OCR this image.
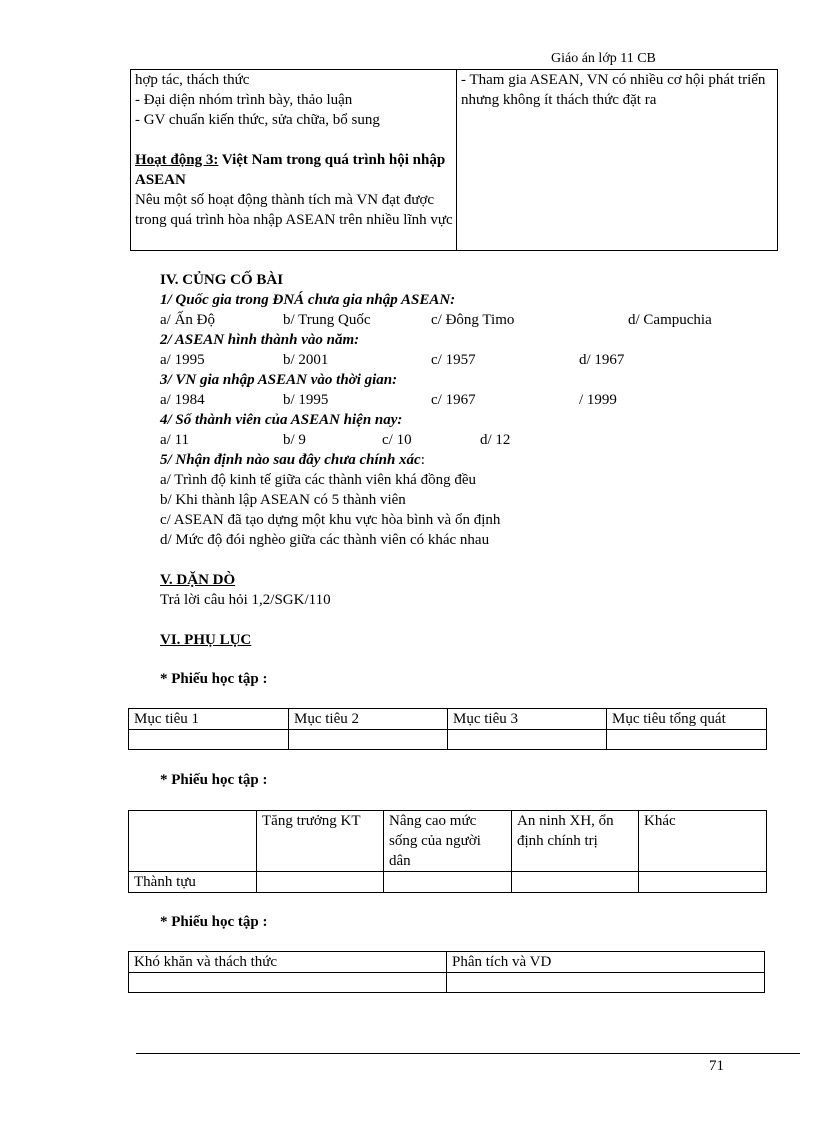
Giáo án lớp 11 CB
hợp tác, thách thức
- Đại diện nhóm trình bày, thảo luận
- GV chuẩn kiến thức, sửa chữa, bổ sung
Hoạt động 3: Việt Nam trong quá trình hội nhập ASEAN
Nêu một số hoạt động thành tích mà VN đạt được trong quá trình hòa nhập ASEAN trên nhiều lĩnh vực

- Tham gia ASEAN, VN có nhiều cơ hội phát triển nhưng không ít thách thức đặt ra
IV. CỦNG CỐ BÀI
1/ Quốc gia trong ĐNÁ chưa gia nhập ASEAN:
a/ Ấn Độ	b/ Trung Quốc	c/ Đông Timo	d/ Campuchia
2/ ASEAN hình thành vào năm:
a/ 1995	b/ 2001	c/ 1957	d/ 1967
3/ VN gia nhập ASEAN vào thời gian:
a/ 1984	b/ 1995	c/ 1967	/ 1999
4/ Số thành viên của ASEAN hiện nay:
a/ 11	b/ 9	c/ 10	d/ 12
5/ Nhận định nào sau đây chưa chính xác:
a/ Trình độ kinh tế giữa các thành viên khá đồng đều
b/ Khi thành lập ASEAN có 5 thành viên
c/ ASEAN đã tạo dựng một khu vực hòa bình và ổn định
d/ Mức độ đói nghèo giữa các thành viên có khác nhau
V. DẶN DÒ
Trả lời câu hỏi 1,2/SGK/110
VI. PHỤ LỤC
* Phiếu học tập :
Mục tiêu 1	Mục tiêu 2	Mục tiêu 3	Mục tiêu tổng quát

* Phiếu học tập :
	Tăng trưởng KT	Nâng cao mức sống của người dân	An ninh XH, ổn định chính trị	Khác
Thành tựu				
* Phiếu học tập :
Khó khăn và thách thức	Phân tích và VD

71
